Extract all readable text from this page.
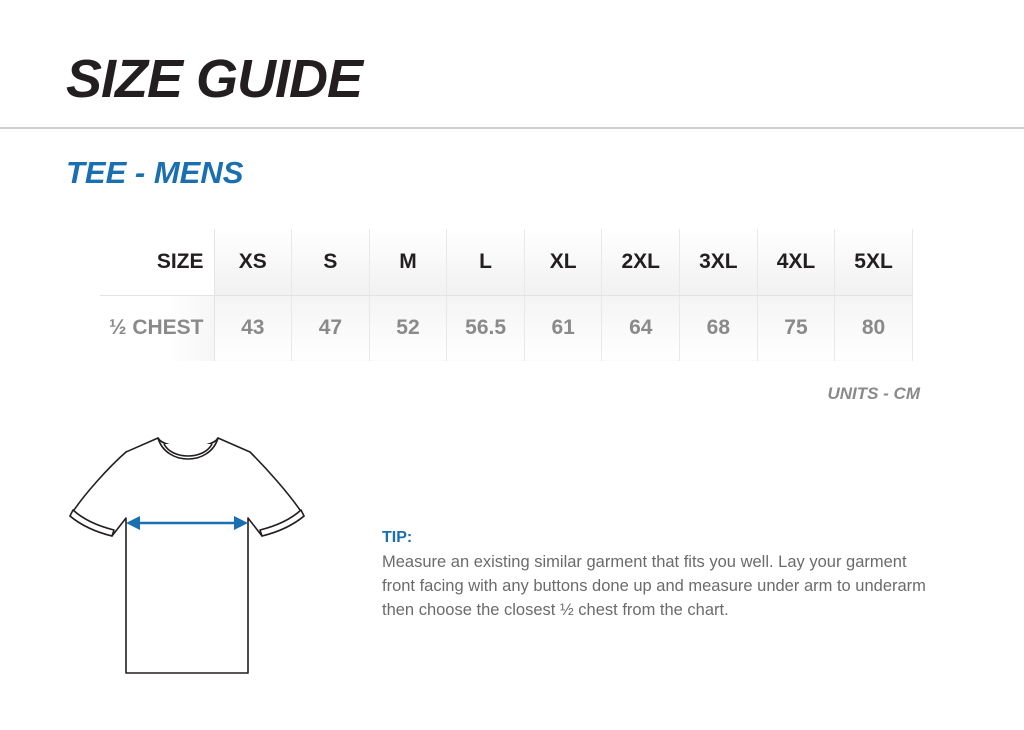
SIZE GUIDE
TEE - MENS
SIZE	XS	S	M	L	XL	2XL	3XL	4XL	5XL
½ CHEST	43	47	52	56.5	61	64	68	75	80
UNITS - CM
TIP:

Measure an existing similar garment that fits you well. Lay your garment front facing with any buttons done up and measure under arm to underarm then choose the closest ½ chest from the chart.
